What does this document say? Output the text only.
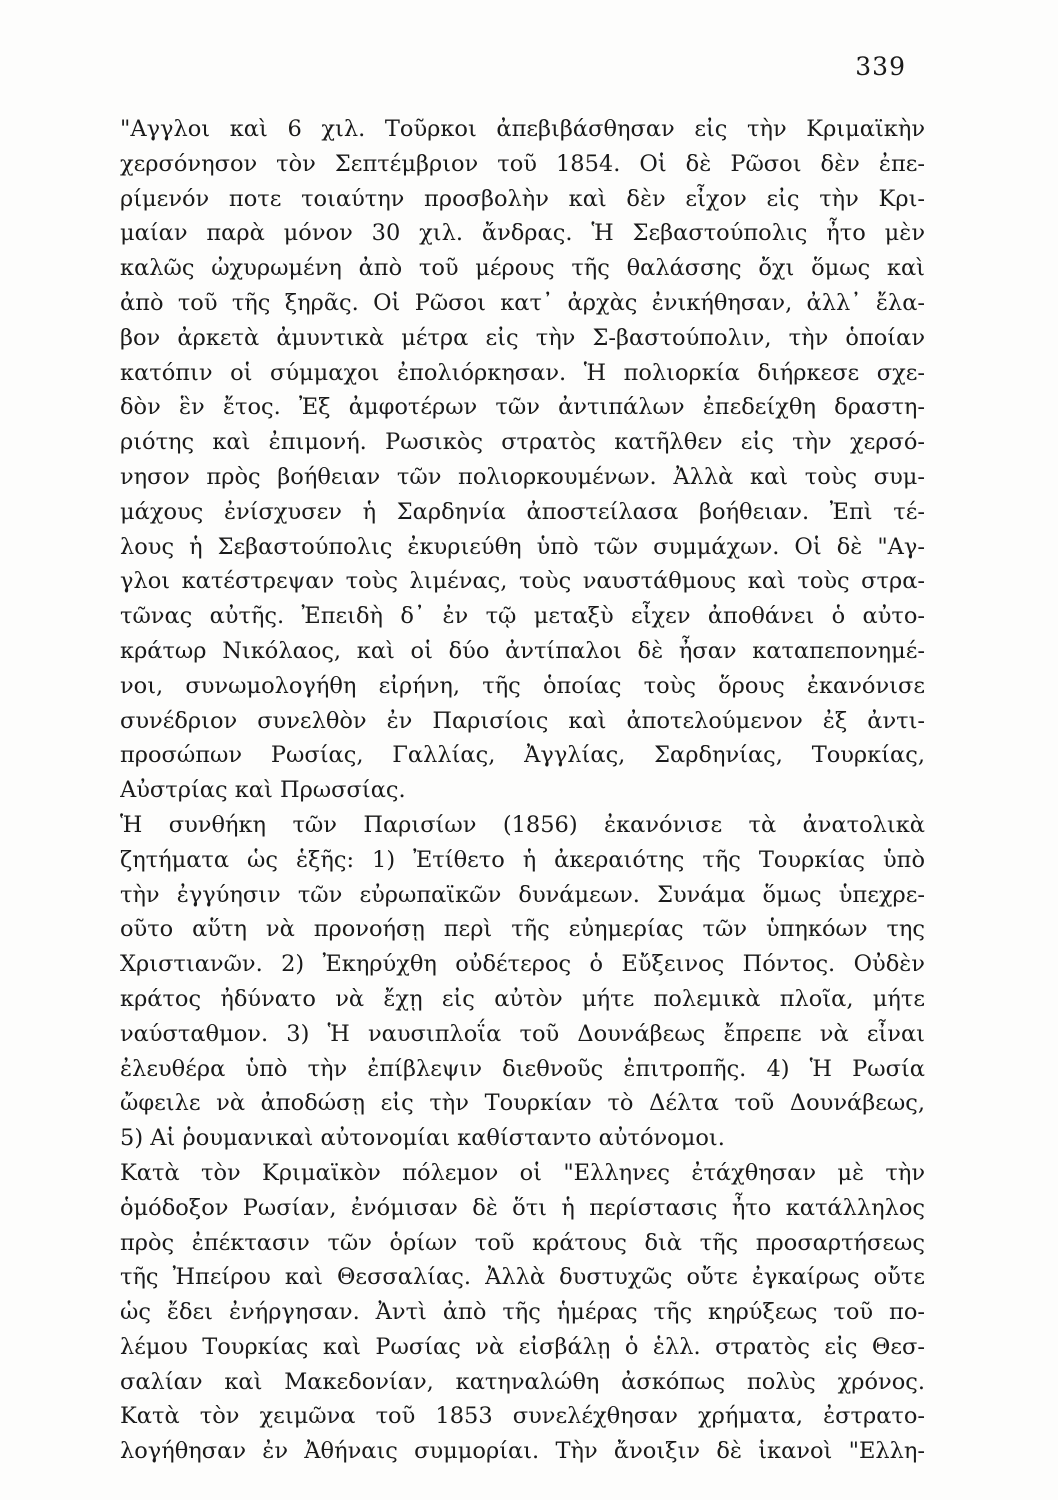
339
"Αγγλοι καὶ 6 χιλ. Τοῦρκοι ἀπεβιβάσθησαν εἰς τὴν Κριμαϊκὴν
χερσόνησον τὸν Σεπτέμβριον τοῦ 1854. Οἱ δὲ Ρῶσοι δὲν ἐπε-
ρίμενόν ποτε τοιαύτην προσβολὴν καὶ δὲν εἶχον εἰς τὴν Κρι-
μαίαν παρὰ μόνον 30 χιλ. ἄνδρας. Ἡ Σεβαστούπολις ἦτο μὲν
καλῶς ὠχυρωμένη ἀπὸ τοῦ μέρους τῆς θαλάσσης ὄχι ὅμως καὶ
ἀπὸ τοῦ τῆς ξηρᾶς. Οἱ Ρῶσοι κατ᾽ ἀρχὰς ἐνικήθησαν, ἀλλ᾽ ἔλα-
βον ἀρκετὰ ἀμυντικὰ μέτρα εἰς τὴν Σ-βαστούπολιν, τὴν ὁποίαν
κατόπιν οἱ σύμμαχοι ἐπολιόρκησαν. Ἡ πολιορκία διήρκεσε σχε-
δὸν ἓν ἔτος. Ἐξ ἀμφοτέρων τῶν ἀντιπάλων ἐπεδείχθη δραστη-
ριότης καὶ ἐπιμονή. Ρωσικὸς στρατὸς κατῆλθεν εἰς τὴν χερσό-
νησον πρὸς βοήθειαν τῶν πολιορκουμένων. Ἀλλὰ καὶ τοὺς συμ-
μάχους ἐνίσχυσεν ἡ Σαρδηνία ἀποστείλασα βοήθειαν. Ἐπὶ τέ-
λους ἡ Σεβαστούπολις ἐκυριεύθη ὑπὸ τῶν συμμάχων. Οἱ δὲ "Αγ-
γλοι κατέστρεψαν τοὺς λιμένας, τοὺς ναυστάθμους καὶ τοὺς στρα-
τῶνας αὐτῆς. Ἐπειδὴ δ᾽ ἐν τῷ μεταξὺ εἶχεν ἀποθάνει ὁ αὐτο-
κράτωρ Νικόλαος, καὶ οἱ δύο ἀντίπαλοι δὲ ἦσαν καταπεπονημέ-
νοι, συνωμολογήθη εἰρήνη, τῆς ὁποίας τοὺς ὅρους ἐκανόνισε
συνέδριον συνελθὸν ἐν Παρισίοις καὶ ἀποτελούμενον ἐξ ἀντι-
προσώπων Ρωσίας, Γαλλίας, Ἀγγλίας, Σαρδηνίας, Τουρκίας,
Αὐστρίας καὶ Πρωσσίας.
Ἡ συνθήκη τῶν Παρισίων (1856) ἐκανόνισε τὰ ἀνατολικὰ
ζητήματα ὡς ἑξῆς: 1) Ἐτίθετο ἡ ἀκεραιότης τῆς Τουρκίας ὑπὸ
τὴν ἐγγύησιν τῶν εὐρωπαϊκῶν δυνάμεων. Συνάμα ὅμως ὑπεχρε-
οῦτο αὕτη νὰ προνοήσῃ περὶ τῆς εὐημερίας τῶν ὑπηκόων της
Χριστιανῶν. 2) Ἐκηρύχθη οὐδέτερος ὁ Εὔξεινος Πόντος. Οὐδὲν
κράτος ἠδύνατο νὰ ἔχῃ εἰς αὐτὸν μήτε πολεμικὰ πλοῖα, μήτε
ναύσταθμον. 3) Ἡ ναυσιπλοΐα τοῦ Δουνάβεως ἔπρεπε νὰ εἶναι
ἐλευθέρα ὑπὸ τὴν ἐπίβλεψιν διεθνοῦς ἐπιτροπῆς. 4) Ἡ Ρωσία
ὤφειλε νὰ ἀποδώσῃ εἰς τὴν Τουρκίαν τὸ Δέλτα τοῦ Δουνάβεως,
5) Αἱ ῥουμανικαὶ αὐτονομίαι καθίσταντο αὐτόνομοι.
Κατὰ τὸν Κριμαϊκὸν πόλεμον οἱ "Ελληνες ἐτάχθησαν μὲ τὴν
ὁμόδοξον Ρωσίαν, ἐνόμισαν δὲ ὅτι ἡ περίστασις ἦτο κατάλληλος
πρὸς ἐπέκτασιν τῶν ὁρίων τοῦ κράτους διὰ τῆς προσαρτήσεως
τῆς Ἠπείρου καὶ Θεσσαλίας. Ἀλλὰ δυστυχῶς οὔτε ἐγκαίρως οὔτε
ὡς ἔδει ἐνήργησαν. Ἀντὶ ἀπὸ τῆς ἡμέρας τῆς κηρύξεως τοῦ πο-
λέμου Τουρκίας καὶ Ρωσίας νὰ εἰσβάλῃ ὁ ἑλλ. στρατὸς εἰς Θεσ-
σαλίαν καὶ Μακεδονίαν, κατηναλώθη ἀσκόπως πολὺς χρόνος.
Κατὰ τὸν χειμῶνα τοῦ 1853 συνελέχθησαν χρήματα, ἐστρατο-
λογήθησαν ἐν Ἀθήναις συμμορίαι. Τὴν ἄνοιξιν δὲ ἱκανοὶ "Ελλη-
